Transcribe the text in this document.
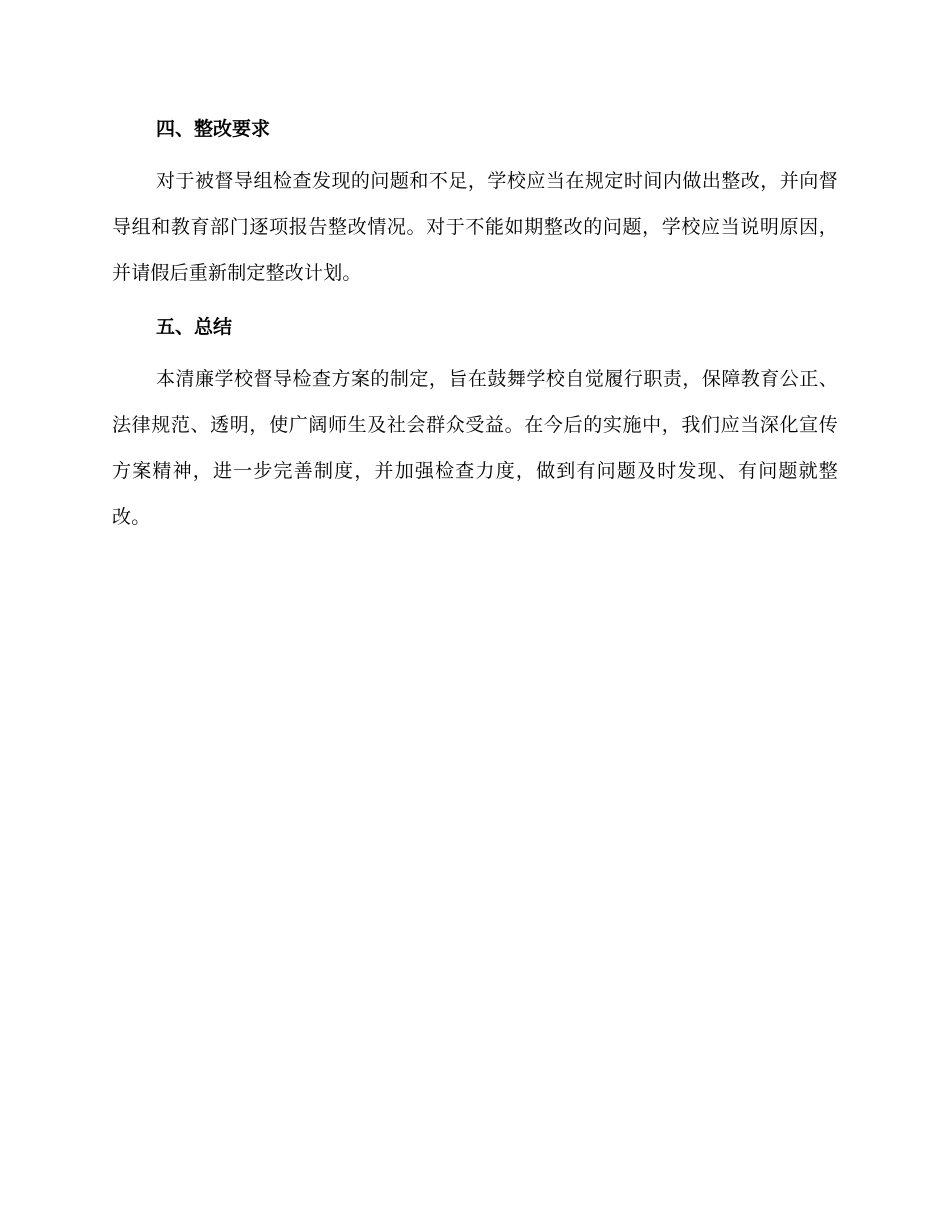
四、整改要求

对于被督导组检查发现的问题和不足，学校应当在规定时间内做出整改，并向督导组和教育部门逐项报告整改情况。对于不能如期整改的问题，学校应当说明原因，并请假后重新制定整改计划。

五、总结

本清廉学校督导检查方案的制定，旨在鼓舞学校自觉履行职责，保障教育公正、法律规范、透明，使广阔师生及社会群众受益。在今后的实施中，我们应当深化宣传方案精神，进一步完善制度，并加强检查力度，做到有问题及时发现、有问题就整改。
